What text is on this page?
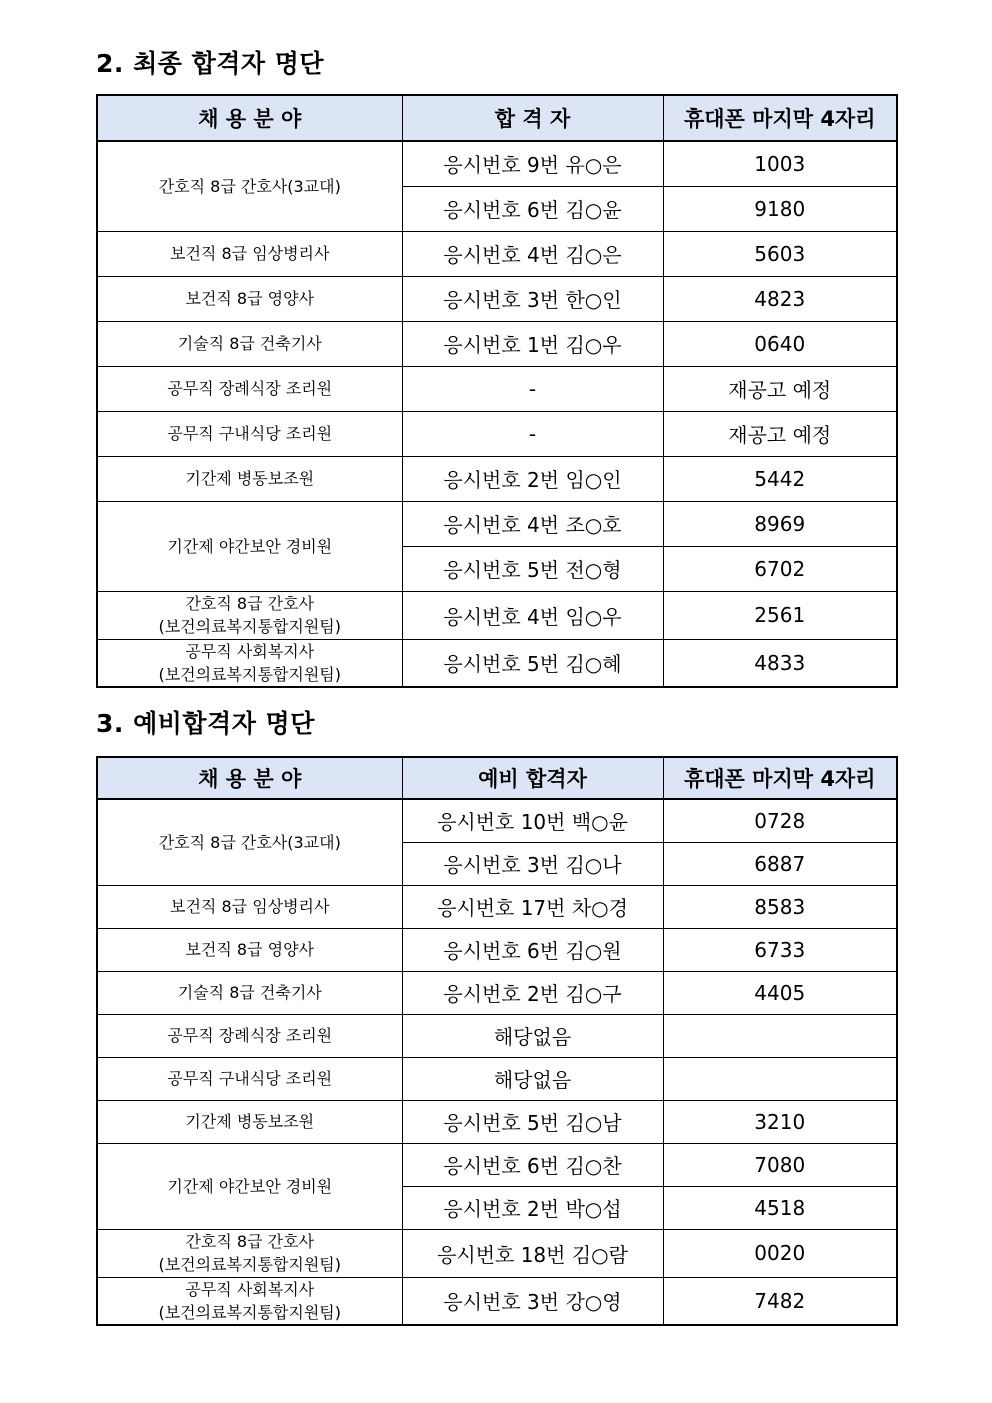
2. 최종 합격자 명단
채 용 분 야	합 격 자	휴대폰 마지막 4자리
간호직 8급 간호사(3교대)	응시번호 9번 유○은	1003
	응시번호 6번 김○윤	9180
보건직 8급 임상병리사	응시번호 4번 김○은	5603
보건직 8급 영양사	응시번호 3번 한○인	4823
기술직 8급 건축기사	응시번호 1번 김○우	0640
공무직 장례식장 조리원	-	재공고 예정
공무직 구내식당 조리원	-	재공고 예정
기간제 병동보조원	응시번호 2번 임○인	5442
기간제 야간보안 경비원	응시번호 4번 조○호	8969
	응시번호 5번 전○형	6702

간호직 8급 간호사
(보건의료복지통합지원팀)	응시번호 4번 임○우	2561

공무직 사회복지사
(보건의료복지통합지원팀)	응시번호 5번 김○혜	4833
3. 예비합격자 명단
채 용 분 야	예비 합격자	휴대폰 마지막 4자리
간호직 8급 간호사(3교대)	응시번호 10번 백○윤	0728
	응시번호 3번 김○나	6887
보건직 8급 임상병리사	응시번호 17번 차○경	8583
보건직 8급 영양사	응시번호 6번 김○원	6733
기술직 8급 건축기사	응시번호 2번 김○구	4405
공무직 장례식장 조리원	해당없음	
공무직 구내식당 조리원	해당없음	
기간제 병동보조원	응시번호 5번 김○남	3210
기간제 야간보안 경비원	응시번호 6번 김○찬	7080
	응시번호 2번 박○섭	4518

간호직 8급 간호사
(보건의료복지통합지원팀)	응시번호 18번 김○람	0020

공무직 사회복지사
(보건의료복지통합지원팀)	응시번호 3번 강○영	7482
